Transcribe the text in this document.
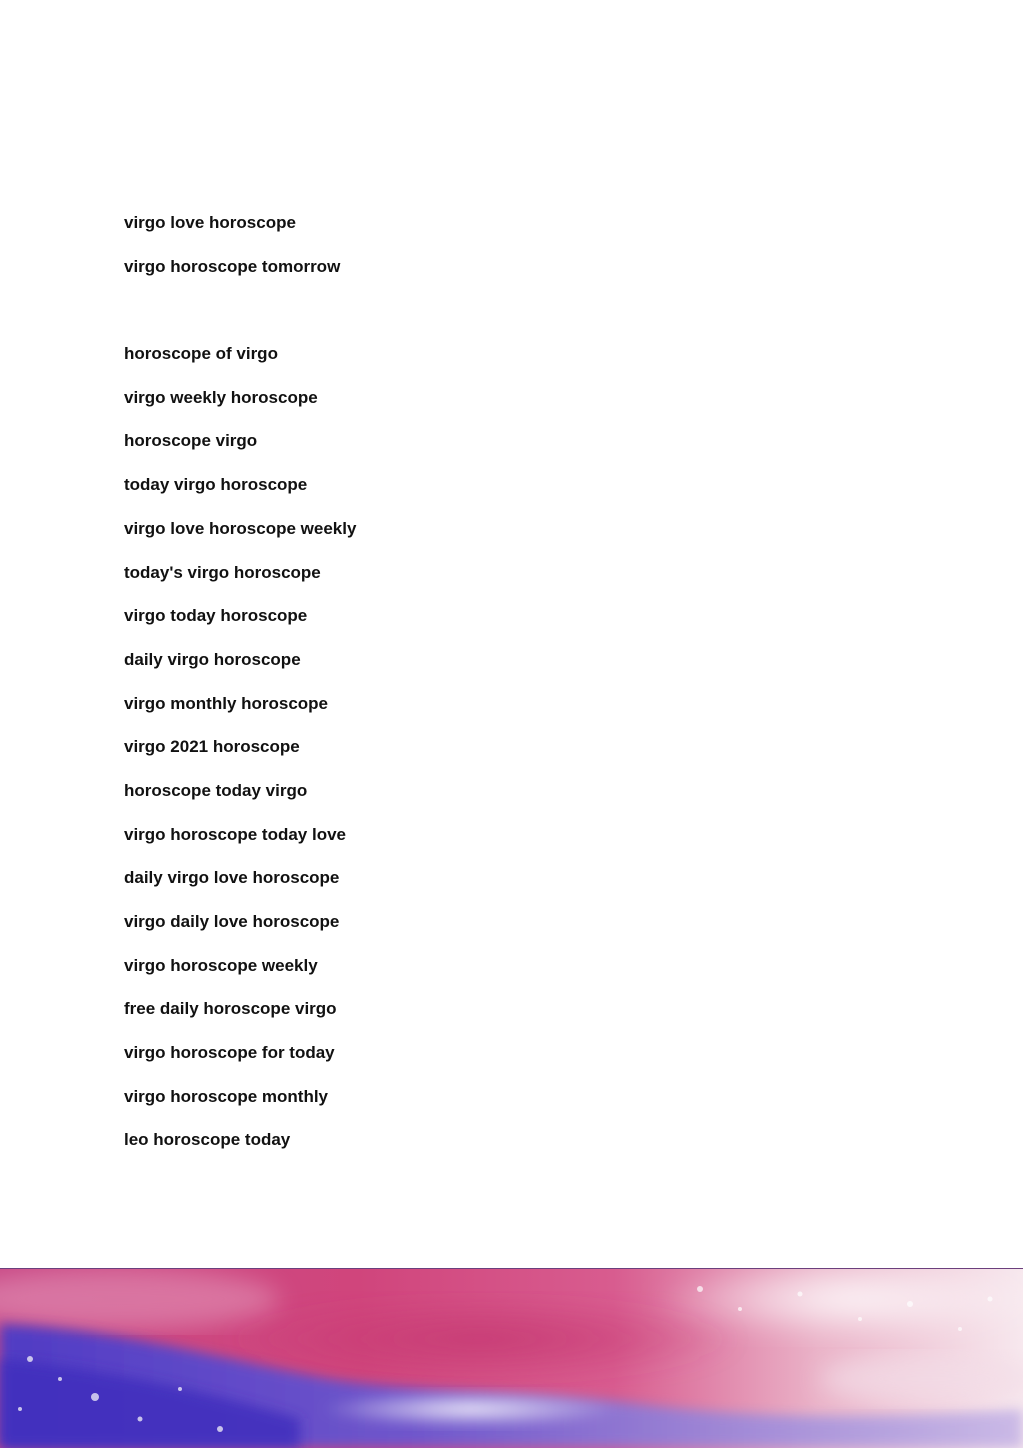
virgo love horoscope
virgo horoscope tomorrow
horoscope of virgo
virgo weekly horoscope
horoscope virgo
today virgo horoscope
virgo love horoscope weekly
today's virgo horoscope
virgo today horoscope
daily virgo horoscope
virgo monthly horoscope
virgo 2021 horoscope
horoscope today virgo
virgo horoscope today love
daily virgo love horoscope
virgo daily love horoscope
virgo horoscope weekly
free daily horoscope virgo
virgo horoscope for today
virgo horoscope monthly
leo horoscope today
